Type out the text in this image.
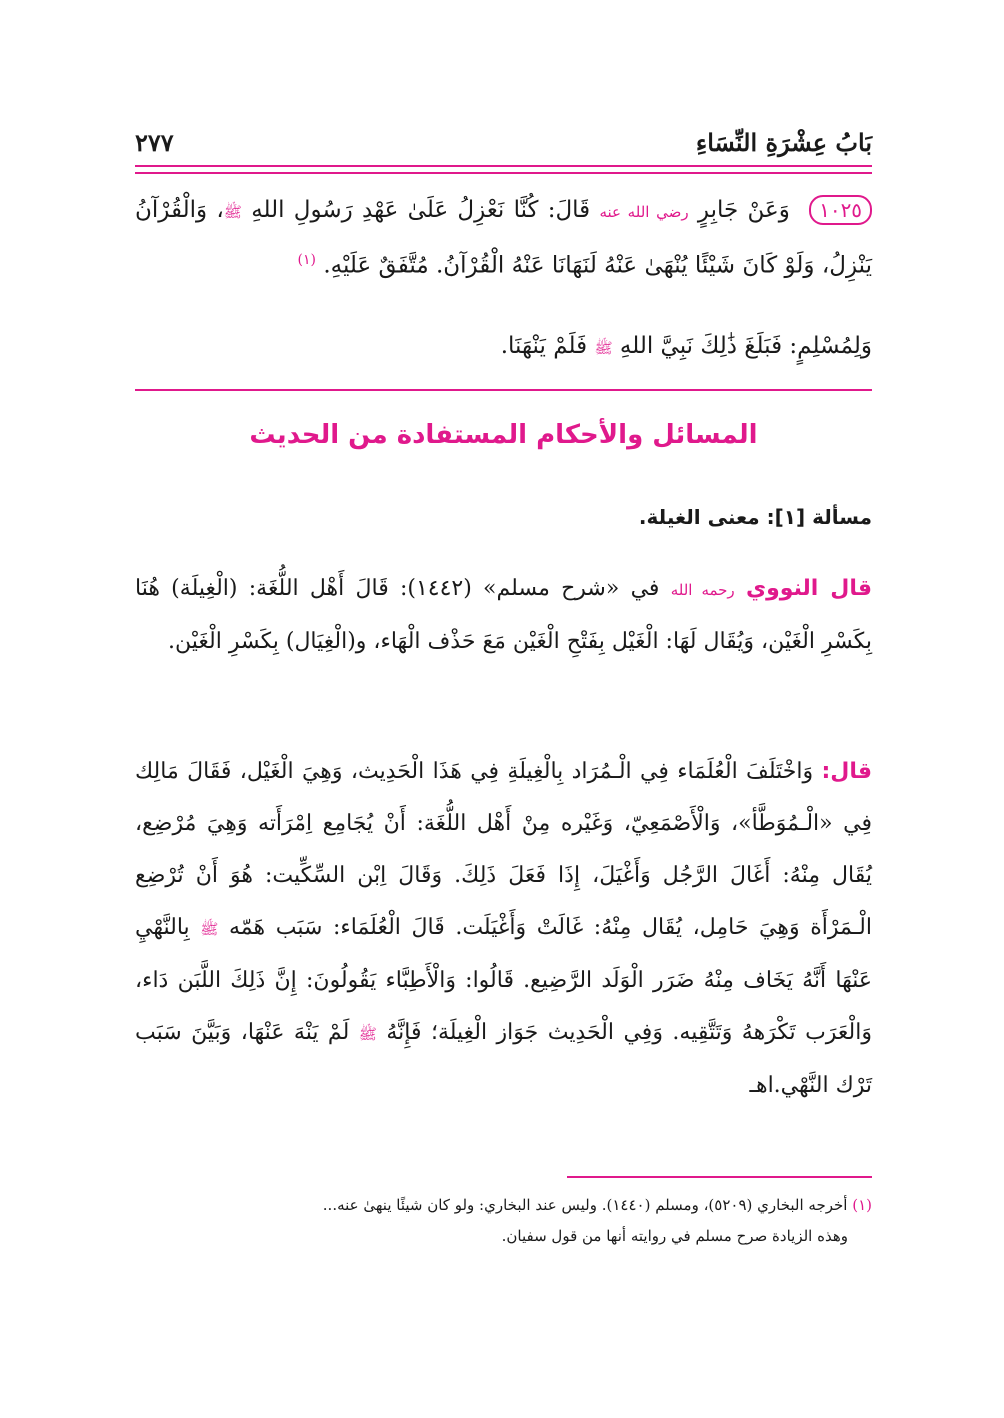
بَابُ عِشْرَةِ النِّسَاءِ
٢٧٧
١٠٢٥ وَعَنْ جَابِرٍ رضي الله عنه قَالَ: كُنَّا نَعْزِلُ عَلَىٰ عَهْدِ رَسُولِ اللهِ ﷺ، وَالْقُرْآنُ يَنْزِلُ، وَلَوْ كَانَ شَيْئًا يُنْهَىٰ عَنْهُ لَنَهَانَا عَنْهُ الْقُرْآنُ. مُتَّفَقٌ عَلَيْهِ. $^{(١)}$
وَلِمُسْلِمٍ: فَبَلَغَ ذَٰلِكَ نَبِيَّ اللهِ ﷺ فَلَمْ يَنْهَنَا.
المسائل والأحكام المستفادة من الحديث
مسألة [١]: معنى الغيلة.
قال النووي رحمه الله في «شرح مسلم» (١٤٤٢): قَالَ أَهْل اللُّغَة: (الْغِيلَة) هُنَا بِكَسْرِ الْغَيْن، وَيُقَال لَهَا: الْغَيْل بِفَتْحِ الْغَيْن مَعَ حَذْف الْهَاء، و(الْغِيَال) بِكَسْرِ الْغَيْن.
قال: وَاخْتَلَفَ الْعُلَمَاء فِي الْـمُرَاد بِالْغِيلَةِ فِي هَذَا الْحَدِيث، وَهِيَ الْغَيْل، فَقَالَ مَالِك فِي «الْـمُوَطَّأ»، وَالْأَصْمَعِيّ، وَغَيْره مِنْ أَهْل اللُّغَة: أَنْ يُجَامِع اِمْرَأَته وَهِيَ مُرْضِع، يُقَال مِنْهُ: أَغَالَ الرَّجُل وَأَغْيَلَ، إِذَا فَعَلَ ذَلِكَ. وَقَالَ اِبْن السِّكِّيت: هُوَ أَنْ تُرْضِع الْـمَرْأَة وَهِيَ حَامِل، يُقَال مِنْهُ: غَالَتْ وَأَغْيَلَت. قَالَ الْعُلَمَاء: سَبَب هَمّه ﷺ بِالنَّهْيِ عَنْهَا أَنَّهُ يَخَاف مِنْهُ ضَرَر الْوَلَد الرَّضِيع. قَالُوا: وَالْأَطِبَّاء يَقُولُونَ: إِنَّ ذَلِكَ اللَّبَن دَاء، وَالْعَرَب تَكْرَههُ وَتَتَّقِيه. وَفِي الْحَدِيث جَوَاز الْغِيلَة؛ فَإِنَّهُ ﷺ لَمْ يَنْهَ عَنْهَا، وَبَيَّنَ سَبَب تَرْك النَّهْي.اهـ
(١) أخرجه البخاري (٥٢٠٩)، ومسلم (١٤٤٠). وليس عند البخاري: ولو كان شيئًا ينهىٰ عنه...
وهذه الزيادة صرح مسلم في روايته أنها من قول سفيان.
